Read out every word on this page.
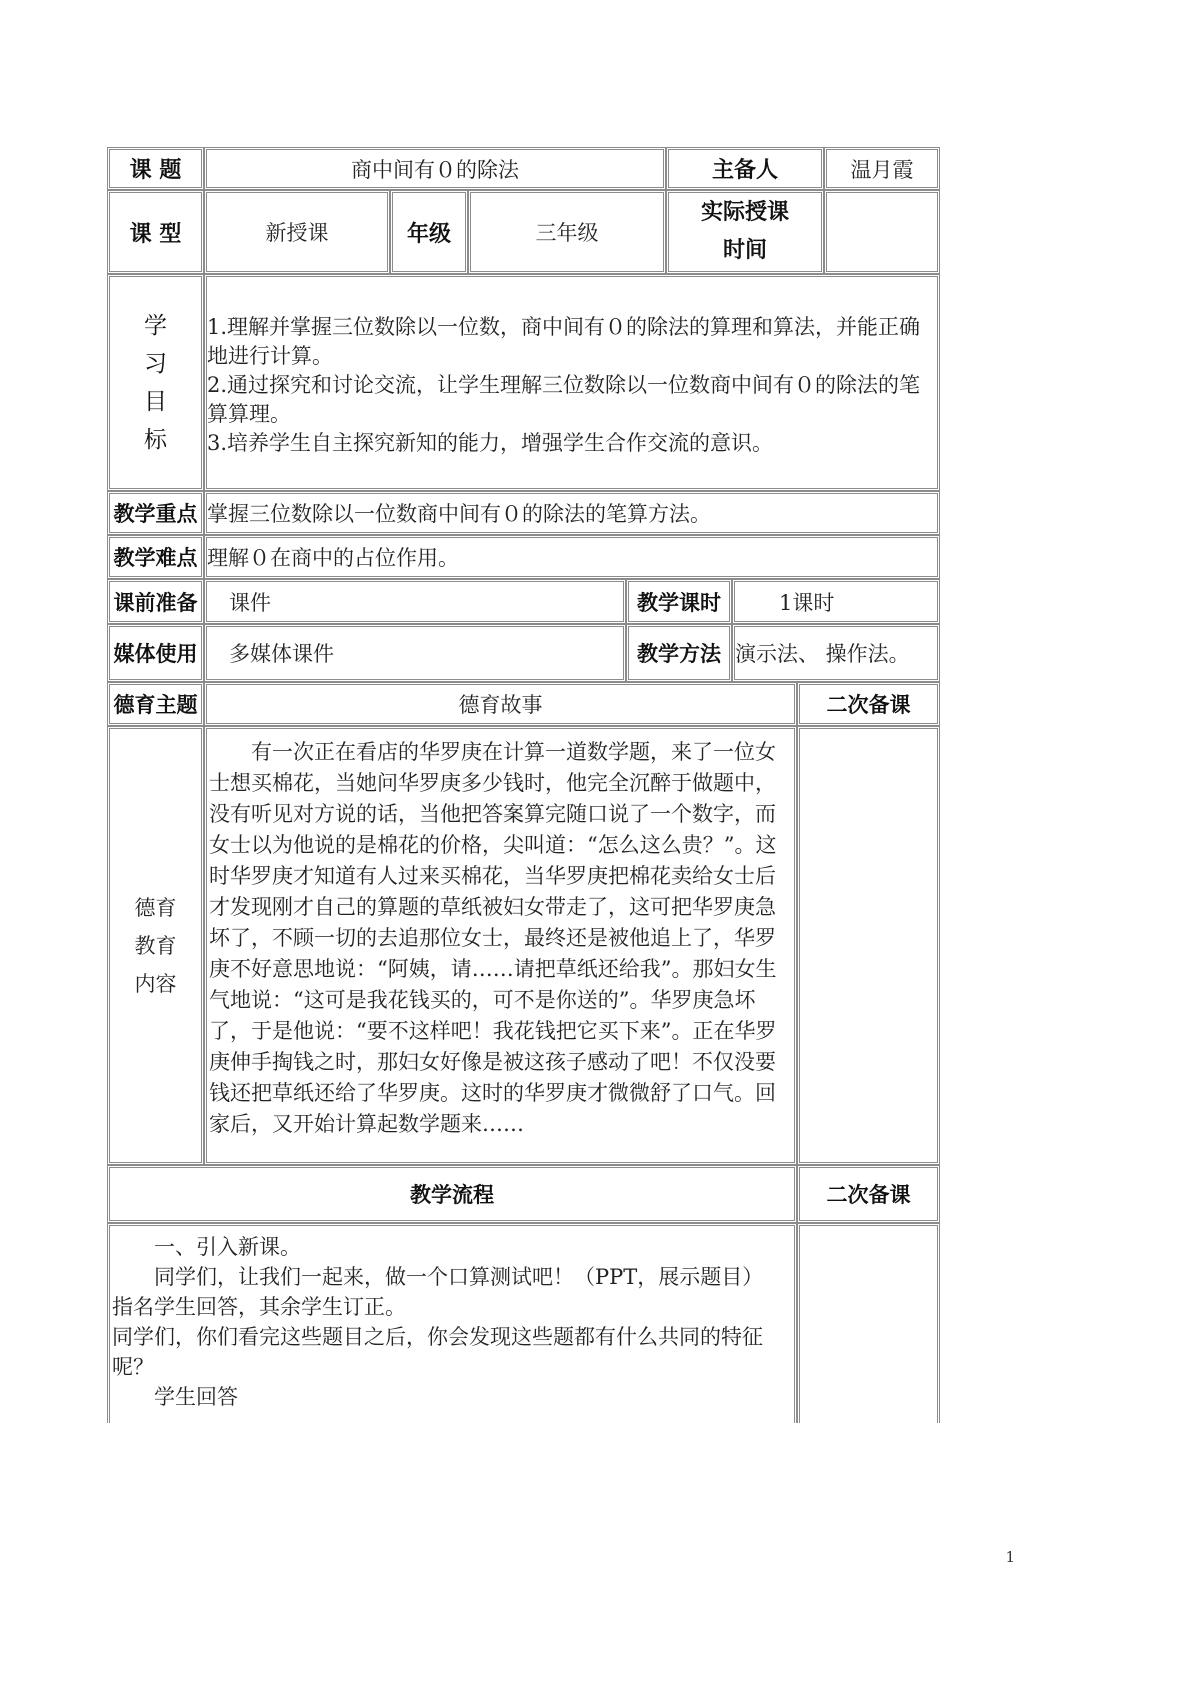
课 题	商中间有０的除法	主备人	温月霞
课 型	新授课	年级	三年级
实际授课
时间
学
习
目
标
1.理解并掌握三位数除以一位数，商中间有０的除法的算理和算法，并能正确地进行计算。
2.通过探究和讨论交流，让学生理解三位数除以一位数商中间有０的除法的笔算算理。
3.培养学生自主探究新知的能力，增强学生合作交流的意识。
教学重点 掌握三位数除以一位数商中间有０的除法的笔算方法。
教学难点 理解０在商中的占位作用。
课前准备 课件	教学课时	1课时
媒体使用 多媒体课件	教学方法 演示法、 操作法。
德育主题	德育故事	二次备课
德育
教育
内容
有一次正在看店的华罗庚在计算一道数学题，来了一位女士想买棉花，当她问华罗庚多少钱时，他完全沉醉于做题中，没有听见对方说的话，当他把答案算完随口说了一个数字，而女士以为他说的是棉花的价格，尖叫道：“怎么这么贵？”。这时华罗庚才知道有人过来买棉花，当华罗庚把棉花卖给女士后才发现刚才自己的算题的草纸被妇女带走了，这可把华罗庚急坏了，不顾一切的去追那位女士，最终还是被他追上了，华罗庚不好意思地说：“阿姨，请……请把草纸还给我”。那妇女生气地说：“这可是我花钱买的，可不是你送的”。华罗庚急坏了，于是他说：“要不这样吧！我花钱把它买下来”。正在华罗庚伸手掏钱之时，那妇女好像是被这孩子感动了吧！不仅没要钱还把草纸还给了华罗庚。这时的华罗庚才微微舒了口气。回家后，又开始计算起数学题来……
教学流程	二次备课
一、引入新课。
同学们，让我们一起来，做一个口算测试吧！（PPT，展示题目）
指名学生回答，其余学生订正。
同学们，你们看完这些题目之后，你会发现这些题都有什么共同的特征呢？
学生回答
1
